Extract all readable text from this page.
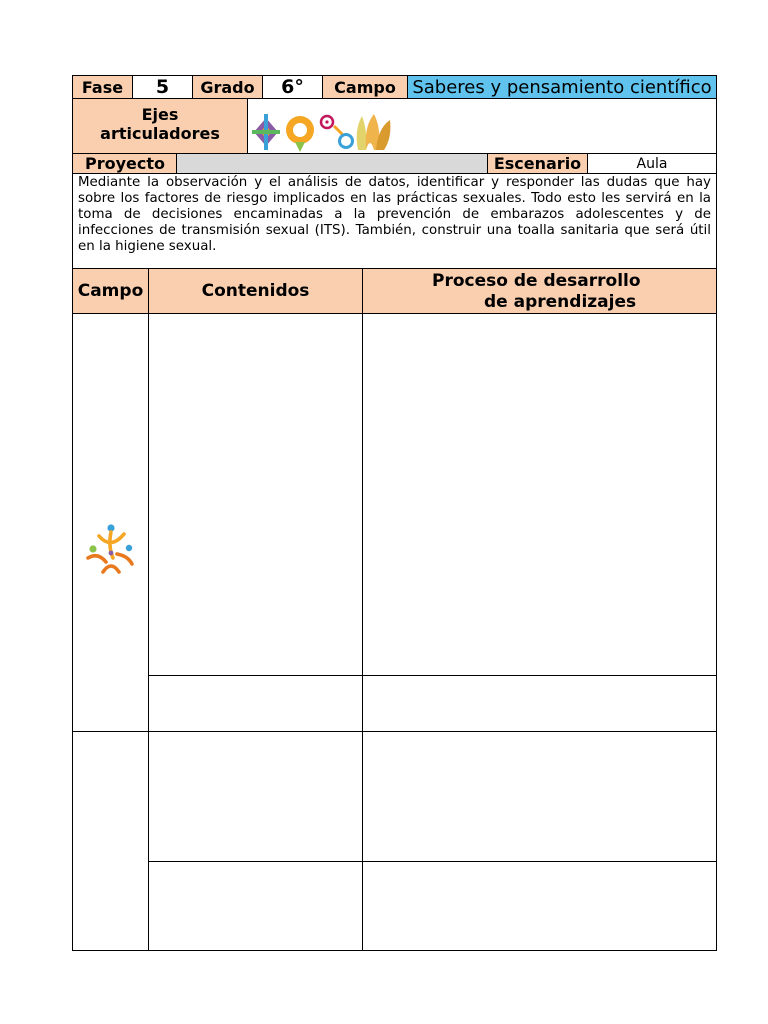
Fase	5	Grado	6°	Campo Saberes y pensamiento científico
Ejes
articuladores
Proyecto	Escenario	Aula
Mediante la observación y el análisis de datos, identificar y responder las dudas que hay sobre los factores de riesgo implicados en las prácticas sexuales. Todo esto les servirá en la toma de decisiones encaminadas a la prevención de embarazos adolescentes y de infecciones de transmisión sexual (ITS). También, construir una toalla sanitaria que será útil en la higiene sexual.
Campo	Contenidos	Proceso de desarrollo
de aprendizajes
